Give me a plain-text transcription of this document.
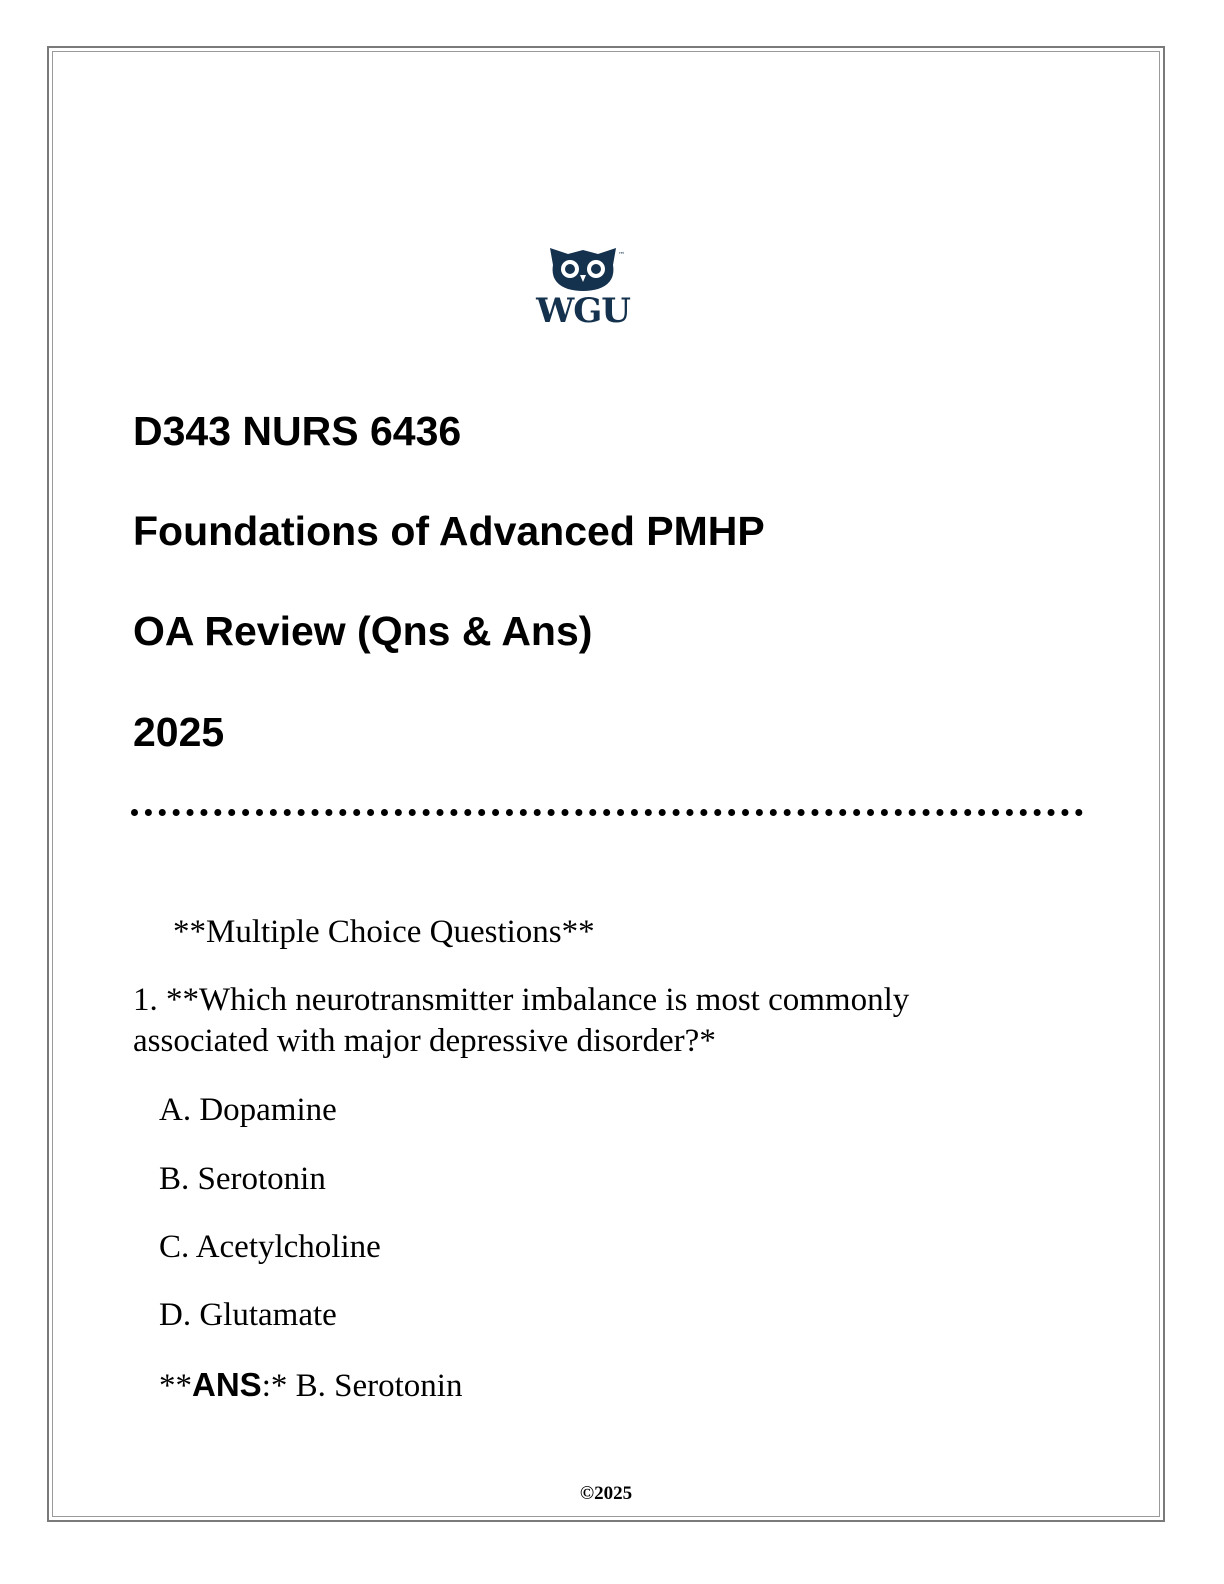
™
WGU
D343 NURS 6436
Foundations of Advanced PMHP
OA Review (Qns & Ans)
2025
**Multiple Choice Questions**
1. **Which neurotransmitter imbalance is most commonly associated with major depressive disorder?*
A. Dopamine
B. Serotonin
C. Acetylcholine
D. Glutamate
**ANS:* B. Serotonin
©2025
